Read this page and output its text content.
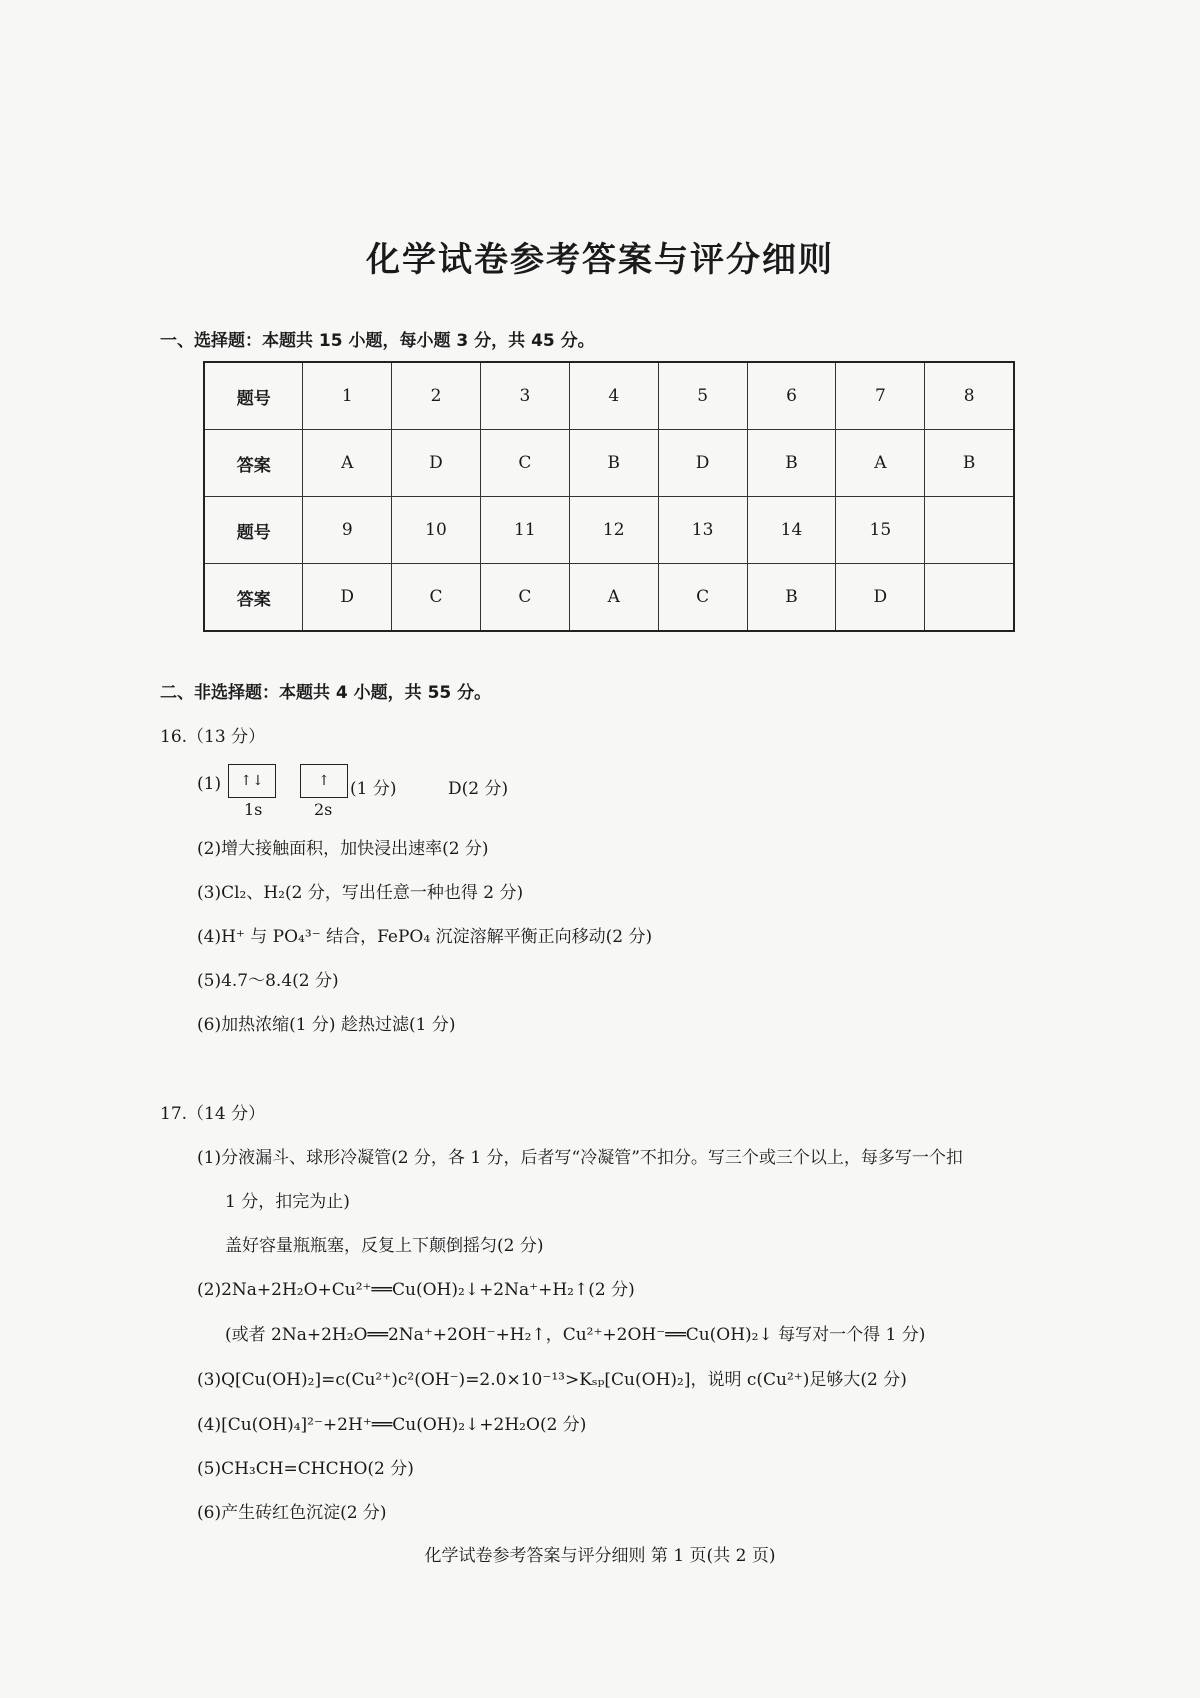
化学试卷参考答案与评分细则
一、选择题：本题共 15 小题，每小题 3 分，共 45 分。
题号	1	2	3	4	5	6	7	8
答案	A	D	C	B	D	B	A	B
题号	9	10	11	12	13	14	15	
答案	D	C	C	A	C	B	D	
二、非选择题：本题共 4 小题，共 55 分。
16.（13 分）
(1)	↑↓	↑
1s	2s
(1 分)	D(2 分)
(2)增大接触面积，加快浸出速率(2 分)
(3)Cl₂、H₂(2 分，写出任意一种也得 2 分)
(4)H⁺ 与 PO₄³⁻ 结合，FePO₄ 沉淀溶解平衡正向移动(2 分)
(5)4.7～8.4(2 分)
(6)加热浓缩(1 分) 趁热过滤(1 分)
17.（14 分）
(1)分液漏斗、球形冷凝管(2 分，各 1 分，后者写“冷凝管”不扣分。写三个或三个以上，每多写一个扣
1 分，扣完为止)
盖好容量瓶瓶塞，反复上下颠倒摇匀(2 分)
(2)2Na+2H₂O+Cu²⁺══Cu(OH)₂↓+2Na⁺+H₂↑(2 分)
(或者 2Na+2H₂O══2Na⁺+2OH⁻+H₂↑，Cu²⁺+2OH⁻══Cu(OH)₂↓ 每写对一个得 1 分)
(3)Q[Cu(OH)₂]=c(Cu²⁺)c²(OH⁻)=2.0×10⁻¹³>Kₛₚ[Cu(OH)₂]，说明 c(Cu²⁺)足够大(2 分)
(4)[Cu(OH)₄]²⁻+2H⁺══Cu(OH)₂↓+2H₂O(2 分)
(5)CH₃CH=CHCHO(2 分)
(6)产生砖红色沉淀(2 分)
化学试卷参考答案与评分细则 第 1 页(共 2 页)
